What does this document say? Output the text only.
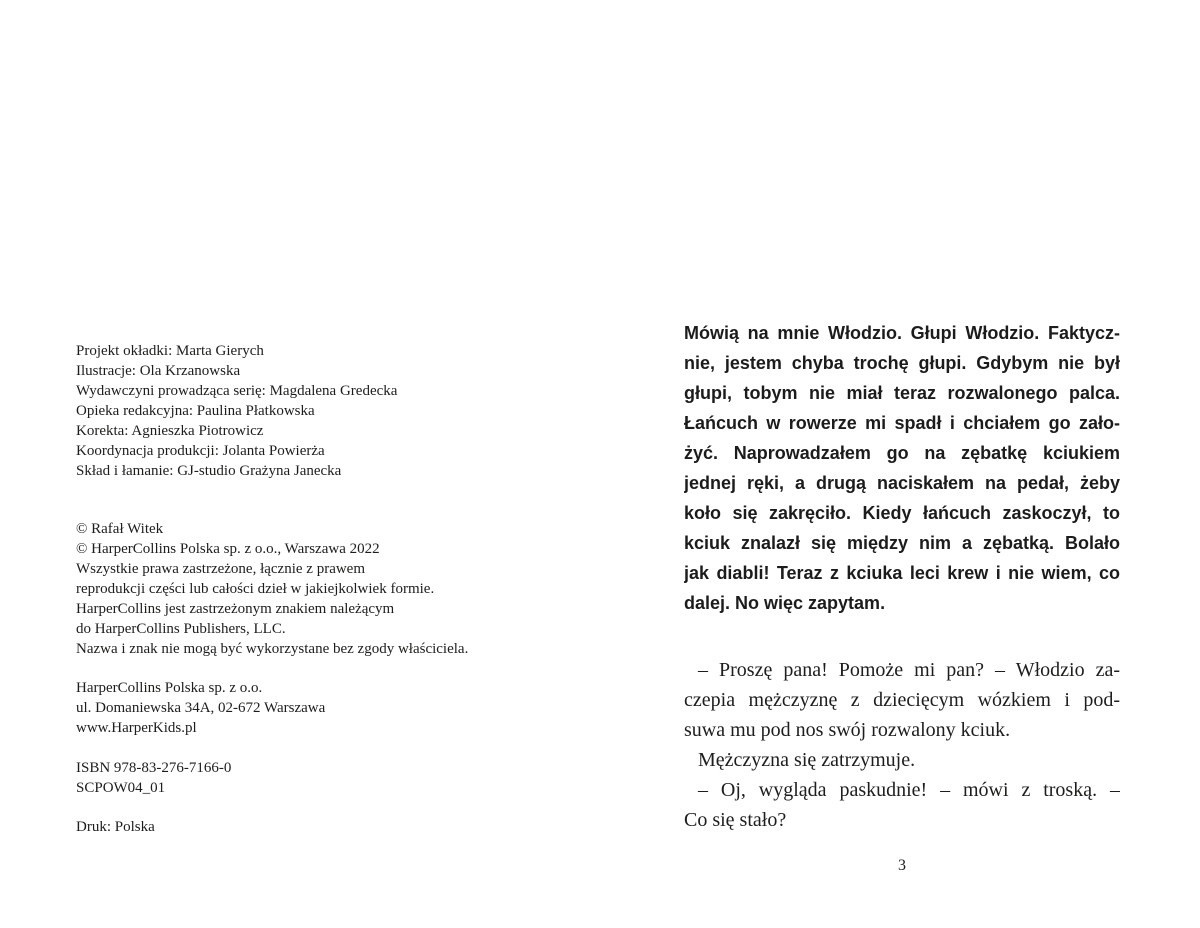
Projekt okładki: Marta Gierych
Ilustracje: Ola Krzanowska
Wydawczyni prowadząca serię: Magdalena Gredecka
Opieka redakcyjna: Paulina Płatkowska
Korekta: Agnieszka Piotrowicz
Koordynacja produkcji: Jolanta Powierża
Skład i łamanie: GJ-studio Grażyna Janecka
© Rafał Witek
© HarperCollins Polska sp. z o.o., Warszawa 2022
Wszystkie prawa zastrzeżone, łącznie z prawem
reprodukcji części lub całości dzieł w jakiejkolwiek formie.
HarperCollins jest zastrzeżonym znakiem należącym
do HarperCollins Publishers, LLC.
Nazwa i znak nie mogą być wykorzystane bez zgody właściciela.
HarperCollins Polska sp. z o.o.
ul. Domaniewska 34A, 02-672 Warszawa
www.HarperKids.pl
ISBN 978-83-276-7166-0
SCPOW04_01
Druk: Polska
Mówią na mnie Włodzio. Głupi Włodzio. Faktycz-
nie, jestem chyba trochę głupi. Gdybym nie był
głupi, tobym nie miał teraz rozwalonego palca.
Łańcuch w rowerze mi spadł i chciałem go zało-
żyć. Naprowadzałem go na zębatkę kciukiem
jednej ręki, a drugą naciskałem na pedał, żeby
koło się zakręciło. Kiedy łańcuch zaskoczył, to
kciuk znalazł się między nim a zębatką. Bolało
jak diabli! Teraz z kciuka leci krew i nie wiem, co
dalej. No więc zapytam.
– Proszę pana! Pomoże mi pan? – Włodzio za-
czepia mężczyznę z dziecięcym wózkiem i pod-
suwa mu pod nos swój rozwalony kciuk.
Mężczyzna się zatrzymuje.
– Oj, wygląda paskudnie! – mówi z troską. –
Co się stało?
3
